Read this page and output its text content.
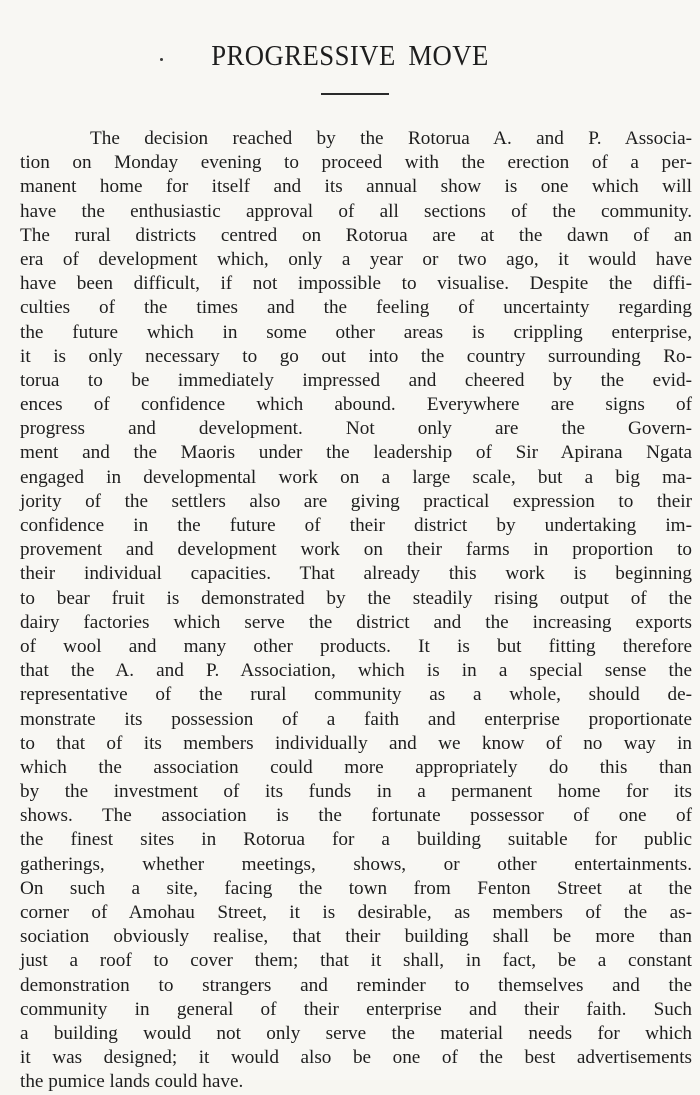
PROGRESSIVE MOVE
The decision reached by the Rotorua A. and P. Associa-
tion on Monday evening to proceed with the erection of a per-
manent home for itself and its annual show is one which will
have the enthusiastic approval of all sections of the community.
The rural districts centred on Rotorua are at the dawn of an
era of development which, only a year or two ago, it would have
have been difficult, if not impossible to visualise. Despite the diffi-
culties of the times and the feeling of uncertainty regarding
the future which in some other areas is crippling enterprise,
it is only necessary to go out into the country surrounding Ro-
torua to be immediately impressed and cheered by the evid-
ences of confidence which abound. Everywhere are signs of
progress and development. Not only are the Govern-
ment and the Maoris under the leadership of Sir Apirana Ngata
engaged in developmental work on a large scale, but a big ma-
jority of the settlers also are giving practical expression to their
confidence in the future of their district by undertaking im-
provement and development work on their farms in proportion to
their individual capacities. That already this work is beginning
to bear fruit is demonstrated by the steadily rising output of the
dairy factories which serve the district and the increasing exports
of wool and many other products. It is but fitting therefore
that the A. and P. Association, which is in a special sense the
representative of the rural community as a whole, should de-
monstrate its possession of a faith and enterprise proportionate
to that of its members individually and we know of no way in
which the association could more appropriately do this than
by the investment of its funds in a permanent home for its
shows. The association is the fortunate possessor of one of
the finest sites in Rotorua for a building suitable for public
gatherings, whether meetings, shows, or other entertainments.
On such a site, facing the town from Fenton Street at the
corner of Amohau Street, it is desirable, as members of the as-
sociation obviously realise, that their building shall be more than
just a roof to cover them; that it shall, in fact, be a constant
demonstration to strangers and reminder to themselves and the
community in general of their enterprise and their faith. Such
a building would not only serve the material needs for which
it was designed; it would also be one of the best advertisements
the pumice lands could have.
